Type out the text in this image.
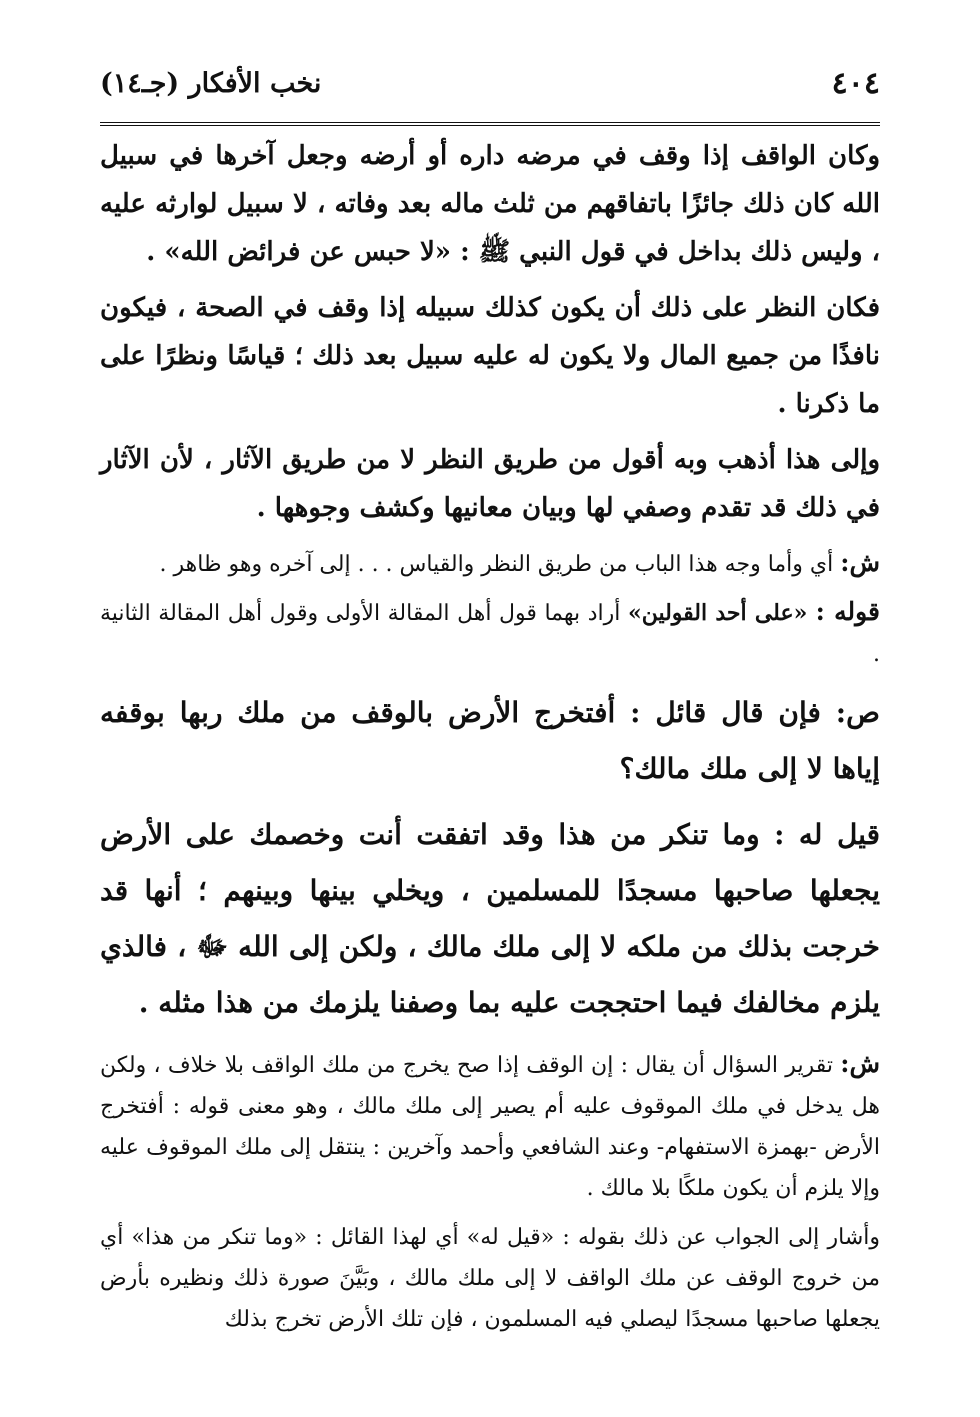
٤٠٤
نخب الأفكار (جـ١٤)

وكان الواقف إذا وقف في مرضه داره أو أرضه وجعل آخرها في سبيل الله كان ذلك جائزًا باتفاقهم من ثلث ماله بعد وفاته ، لا سبيل لوارثه عليه ، وليس ذلك بداخل في قول النبي ﷺ : «لا حبس عن فرائض الله» .

فكان النظر على ذلك أن يكون كذلك سبيله إذا وقف في الصحة ، فيكون نافذًا من جميع المال ولا يكون له عليه سبيل بعد ذلك ؛ قياسًا ونظرًا على ما ذكرنا .

وإلى هذا أذهب وبه أقول من طريق النظر لا من طريق الآثار ، لأن الآثار في ذلك قد تقدم وصفي لها وبيان معانيها وكشف وجوهها .

ش: أي وأما وجه هذا الباب من طريق النظر والقياس . . . إلى آخره وهو ظاهر .

قوله : «على أحد القولين» أراد بهما قول أهل المقالة الأولى وقول أهل المقالة الثانية .

ص: فإن قال قائل : أفتخرج الأرض بالوقف من ملك ربها بوقفه إياها لا إلى ملك مالك؟

قيل له : وما تنكر من هذا وقد اتفقت أنت وخصمك على الأرض يجعلها صاحبها مسجدًا للمسلمين ، ويخلي بينها وبينهم ؛ أنها قد خرجت بذلك من ملكه لا إلى ملك مالك ، ولكن إلى الله ﷻ ، فالذي يلزم مخالفك فيما احتججت عليه بما وصفنا يلزمك من هذا مثله .

ش: تقرير السؤال أن يقال : إن الوقف إذا صح يخرج من ملك الواقف بلا خلاف ، ولكن هل يدخل في ملك الموقوف عليه أم يصير إلى ملك مالك ، وهو معنى قوله : أفتخرج الأرض -بهمزة الاستفهام- وعند الشافعي وأحمد وآخرين : ينتقل إلى ملك الموقوف عليه وإلا يلزم أن يكون ملكًا بلا مالك .

وأشار إلى الجواب عن ذلك بقوله : «قيل له» أي لهذا القائل : «وما تنكر من هذا» أي من خروج الوقف عن ملك الواقف لا إلى ملك مالك ، وبَيَّنَ صورة ذلك ونظيره بأرض يجعلها صاحبها مسجدًا ليصلي فيه المسلمون ، فإن تلك الأرض تخرج بذلك
